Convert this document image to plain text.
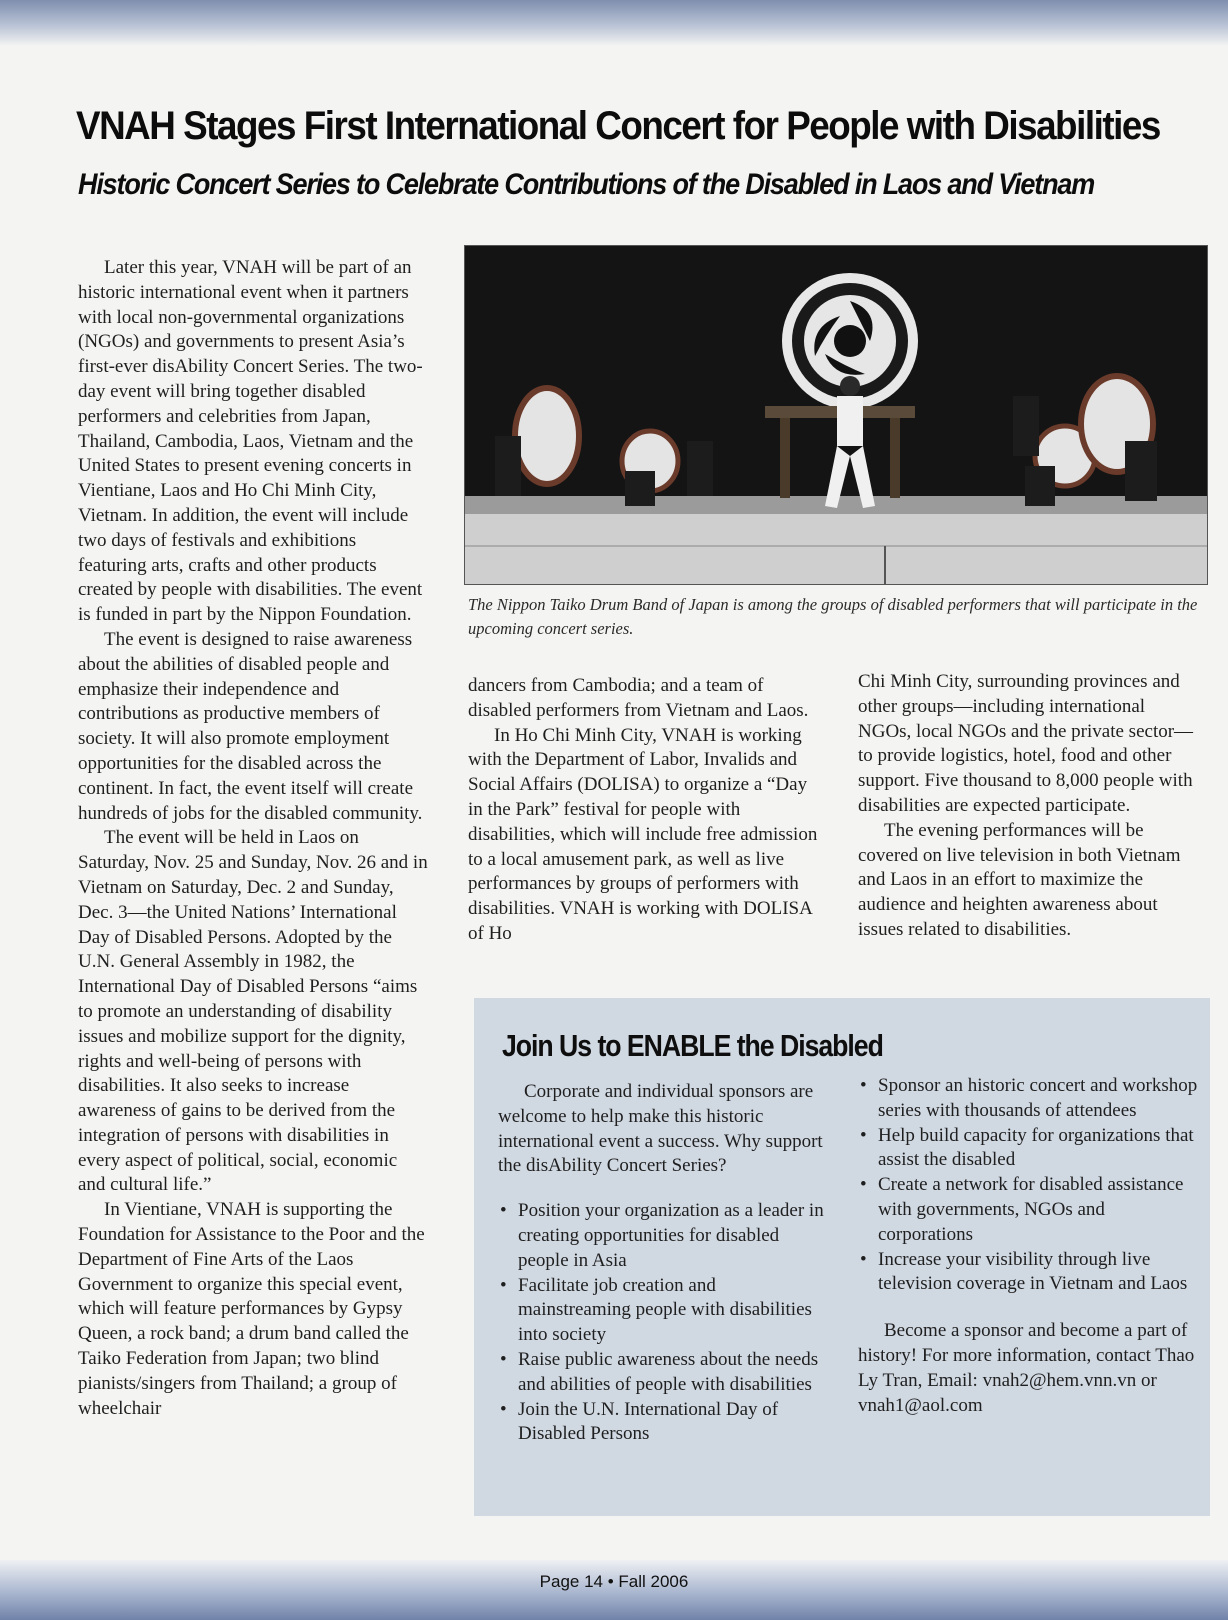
VNAH Stages First International Concert for People with Disabilities
Historic Concert Series to Celebrate Contributions of the Disabled in Laos and Vietnam

Later this year, VNAH will be part of an historic international event when it partners with local non-governmental organizations (NGOs) and governments to present Asia’s first-ever disAbility Concert Series. The two-day event will bring together disabled performers and celebrities from Japan, Thailand, Cambodia, Laos, Vietnam and the United States to present evening concerts in Vientiane, Laos and Ho Chi Minh City, Vietnam. In addition, the event will include two days of festivals and exhibitions featuring arts, crafts and other products created by people with disabilities. The event is funded in part by the Nippon Foundation.

The event is designed to raise awareness about the abilities of disabled people and emphasize their independence and contributions as productive members of society. It will also promote employment opportunities for the disabled across the continent. In fact, the event itself will create hundreds of jobs for the disabled community.

The event will be held in Laos on Saturday, Nov. 25 and Sunday, Nov. 26 and in Vietnam on Saturday, Dec. 2 and Sunday, Dec. 3—the United Nations’ International Day of Disabled Persons. Adopted by the U.N. General Assembly in 1982, the International Day of Disabled Persons “aims to promote an understanding of disability issues and mobilize support for the dignity, rights and well-being of persons with disabilities. It also seeks to increase awareness of gains to be derived from the integration of persons with disabilities in every aspect of political, social, economic and cultural life.”

In Vientiane, VNAH is supporting the Foundation for Assistance to the Poor and the Department of Fine Arts of the Laos Government to organize this special event, which will feature performances by Gypsy Queen, a rock band; a drum band called the Taiko Federation from Japan; two blind pianists/singers from Thailand; a group of wheelchair

The Nippon Taiko Drum Band of Japan is among the groups of disabled performers that will participate in the upcoming concert series.

dancers from Cambodia; and a team of disabled performers from Vietnam and Laos.

In Ho Chi Minh City, VNAH is working with the Department of Labor, Invalids and Social Affairs (DOLISA) to organize a “Day in the Park” festival for people with disabilities, which will include free admission to a local amusement park, as well as live performances by groups of performers with disabilities. VNAH is working with DOLISA of Ho

Chi Minh City, surrounding provinces and other groups—including international NGOs, local NGOs and the private sector—to provide logistics, hotel, food and other support. Five thousand to 8,000 people with disabilities are expected participate.

The evening performances will be covered on live television in both Vietnam and Laos in an effort to maximize the audience and heighten awareness about issues related to disabilities.

Join Us to ENABLE the Disabled

Corporate and individual sponsors are welcome to help make this historic international event a success. Why support the disAbility Concert Series?

• Position your organization as a leader in creating opportunities for disabled people in Asia
• Facilitate job creation and mainstreaming people with disabilities into society
• Raise public awareness about the needs and abilities of people with disabilities
• Join the U.N. International Day of Disabled Persons
• Sponsor an historic concert and workshop series with thousands of attendees
• Help build capacity for organizations that assist the disabled
• Create a network for disabled assistance with governments, NGOs and corporations
• Increase your visibility through live television coverage in Vietnam and Laos

Become a sponsor and become a part of history! For more information, contact Thao Ly Tran, Email: vnah2@hem.vnn.vn or vnah1@aol.com

Page 14 • Fall 2006
